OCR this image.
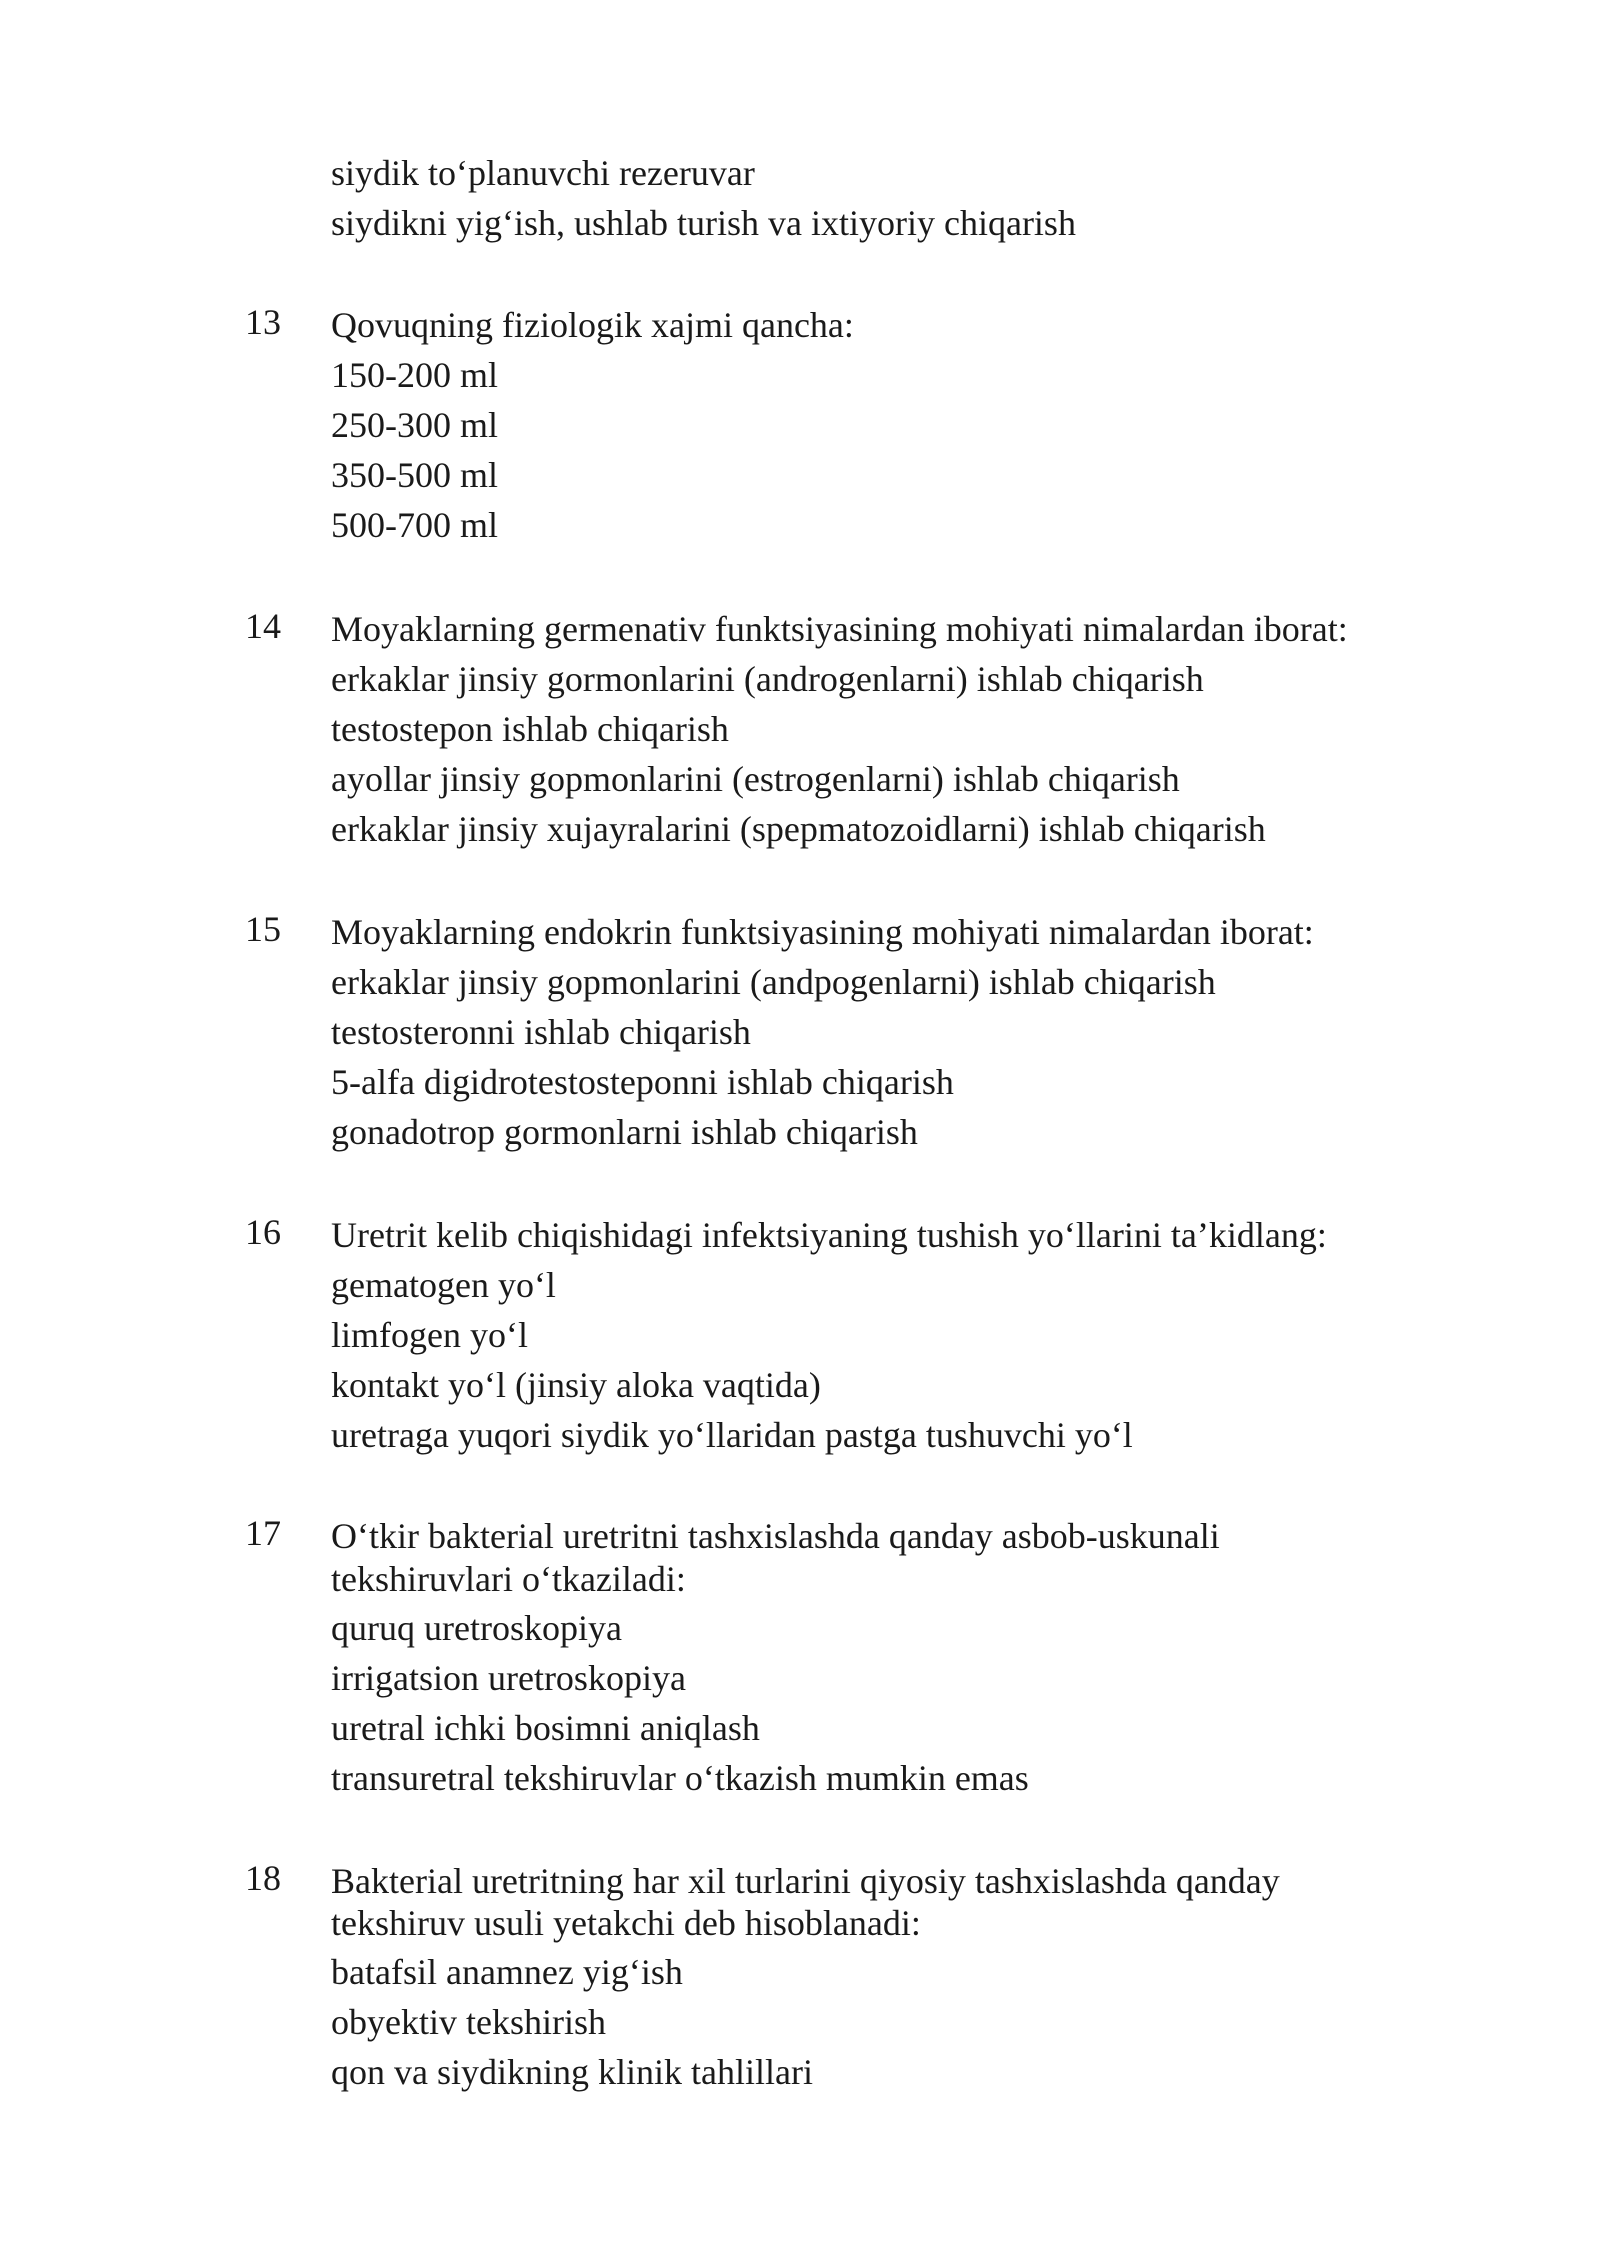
siydik to‘planuvchi rezeruvar
siydikni yig‘ish, ushlab turish va ixtiyoriy chiqarish
13 Qovuqning fiziologik xajmi qancha:
150-200 ml
250-300 ml
350-500 ml
500-700 ml
14 Moyaklarning germenativ funktsiyasining mohiyati nimalardan iborat:
erkaklar jinsiy gormonlarini (androgenlarni) ishlab chiqarish
testostepon ishlab chiqarish
ayollar jinsiy gopmonlarini (estrogenlarni) ishlab chiqarish
erkaklar jinsiy xujayralarini (spepmatozoidlarni) ishlab chiqarish
15 Moyaklarning endokrin funktsiyasining mohiyati nimalardan iborat:
erkaklar jinsiy gopmonlarini (andpogenlarni) ishlab chiqarish
testosteronni ishlab chiqarish
5-alfa digidrotestosteponni ishlab chiqarish
gonadotrop gormonlarni ishlab chiqarish
16 Uretrit kelib chiqishidagi infektsiyaning tushish yo‘llarini ta’kidlang:
gematogen yo‘l
limfogen yo‘l
kontakt yo‘l (jinsiy aloka vaqtida)
uretraga yuqori siydik yo‘llaridan pastga tushuvchi yo‘l
17 O‘tkir bakterial uretritni tashxislashda qanday asbob-uskunali
tekshiruvlari o‘tkaziladi:
quruq uretroskopiya
irrigatsion uretroskopiya
uretral ichki bosimni aniqlash
transuretral tekshiruvlar o‘tkazish mumkin emas
18 Bakterial uretritning har xil turlarini qiyosiy tashxislashda qanday
tekshiruv usuli yetakchi deb hisoblanadi:
batafsil anamnez yig‘ish
obyektiv tekshirish
qon va siydikning klinik tahlillari
